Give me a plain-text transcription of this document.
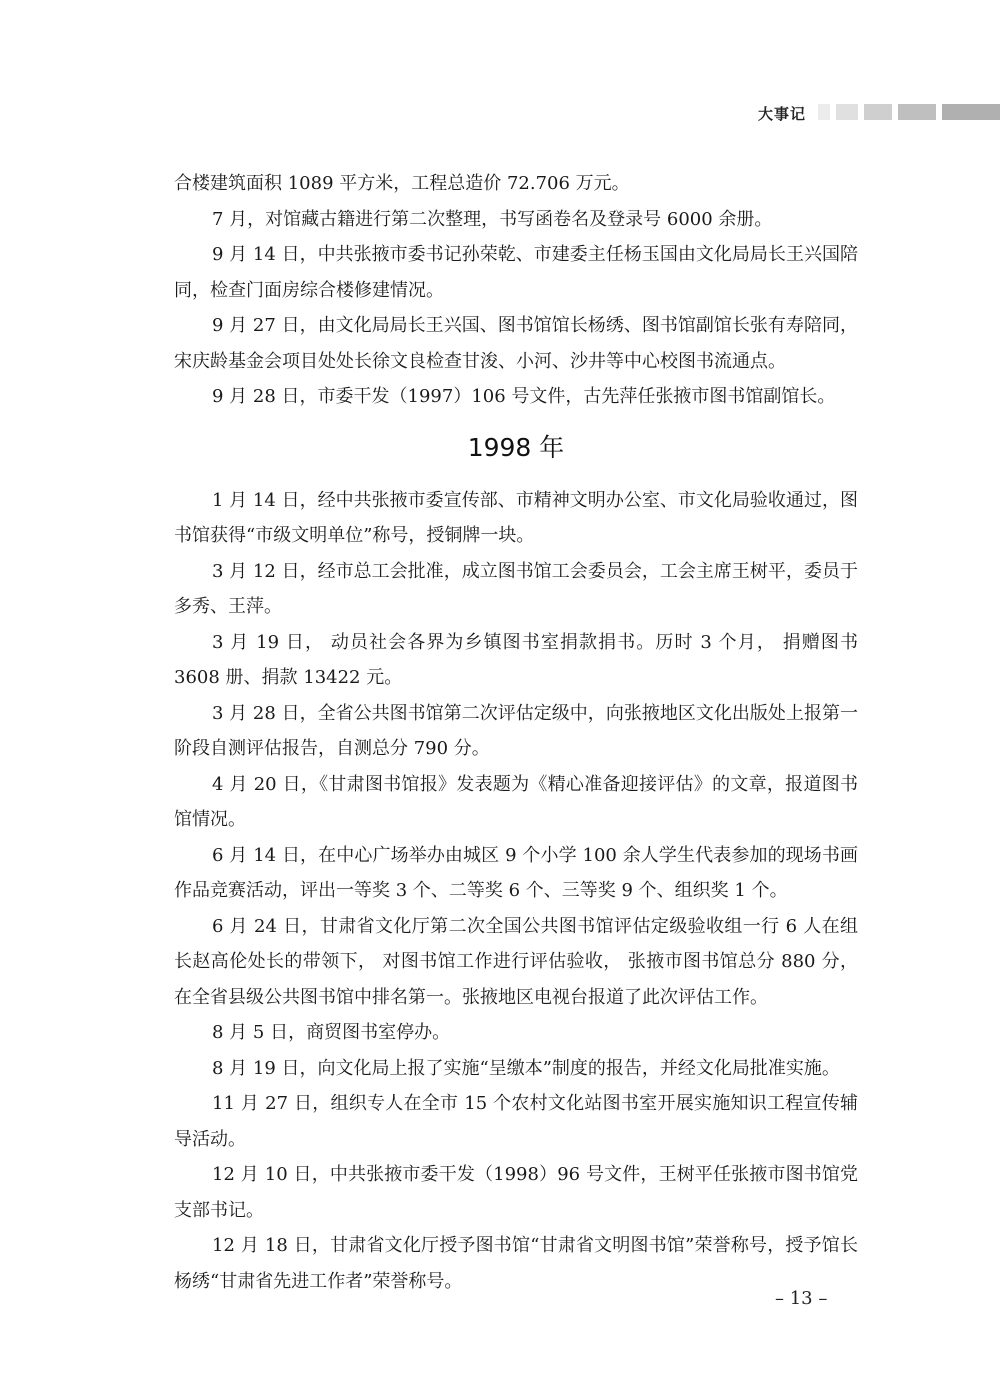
大事记

合楼建筑面积 1089 平方米，工程总造价 72.706 万元。

7 月，对馆藏古籍进行第二次整理，书写函卷名及登录号 6000 余册。

9 月 14 日，中共张掖市委书记孙荣乾、市建委主任杨玉国由文化局局长王兴国陪同，检查门面房综合楼修建情况。

9 月 27 日，由文化局局长王兴国、图书馆馆长杨绣、图书馆副馆长张有寿陪同，宋庆龄基金会项目处处长徐文良检查甘浚、小河、沙井等中心校图书流通点。

9 月 28 日，市委干发（1997）106 号文件，古先萍任张掖市图书馆副馆长。

1998 年

1 月 14 日，经中共张掖市委宣传部、市精神文明办公室、市文化局验收通过，图书馆获得“市级文明单位”称号，授铜牌一块。

3 月 12 日，经市总工会批准，成立图书馆工会委员会，工会主席王树平，委员于多秀、王萍。

3 月 19 日， 动员社会各界为乡镇图书室捐款捐书。历时 3 个月， 捐赠图书 3608 册、捐款 13422 元。

3 月 28 日，全省公共图书馆第二次评估定级中，向张掖地区文化出版处上报第一阶段自测评估报告，自测总分 790 分。

4 月 20 日，《甘肃图书馆报》发表题为《精心准备迎接评估》的文章，报道图书馆情况。

6 月 14 日，在中心广场举办由城区 9 个小学 100 余人学生代表参加的现场书画作品竞赛活动，评出一等奖 3 个、二等奖 6 个、三等奖 9 个、组织奖 1 个。

6 月 24 日，甘肃省文化厅第二次全国公共图书馆评估定级验收组一行 6 人在组长赵高伦处长的带领下， 对图书馆工作进行评估验收， 张掖市图书馆总分 880 分，在全省县级公共图书馆中排名第一。张掖地区电视台报道了此次评估工作。

8 月 5 日，商贸图书室停办。

8 月 19 日，向文化局上报了实施“呈缴本”制度的报告，并经文化局批准实施。

11 月 27 日，组织专人在全市 15 个农村文化站图书室开展实施知识工程宣传辅导活动。

12 月 10 日，中共张掖市委干发（1998）96 号文件，王树平任张掖市图书馆党支部书记。

12 月 18 日，甘肃省文化厅授予图书馆“甘肃省文明图书馆”荣誉称号，授予馆长杨绣“甘肃省先进工作者”荣誉称号。

– 13 –
